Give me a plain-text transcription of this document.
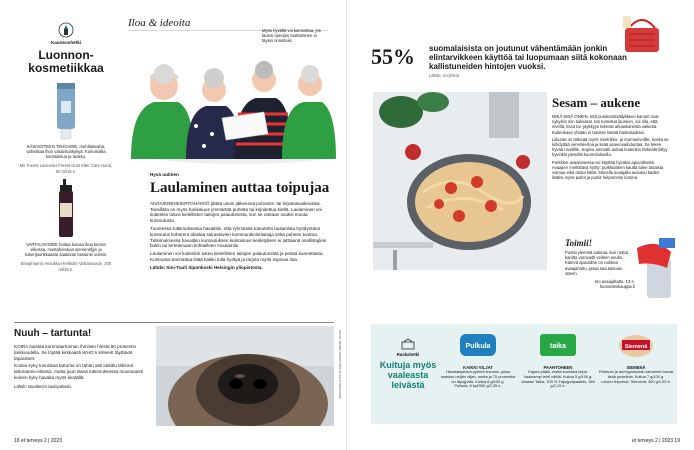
Iloa & ideoita
Kauneushetki
Luonnon-
kosmetiikkaa
KÄSIVOITEEN TEHOAINE, mehiläisvaha, vahvistaa ihon vastustuskykyä. Koirumallia koostuksua ja tuoksu.
Mir Forest Lavender Forest Dust After Care Hand, 50 ml/15 e.
VARTALOVOIDE hoitaa kuivaa ihoa kerran viikossa, mustaherukan siemenöljyn ja sokerijuurikkaasta saatavan betaiinin voimin.
Elosphaerra Herukka Herkkäin Vartalovoide, 200 ml/25 e.
Myös hyvällä voi kunnostua, jos laulun opnojen tuottaminen ei täysin onnistuisi.
Hyvä uutinen
Laulaminen auttaa toipujaa
AIVOVERENKIERTOHÄIRIÖ jättää usein jälkeensä puhumis- tai kirjoitusvaikeuksia. Tavallista on myös hankaluus ymmärtää puhetta tai kirjoitettua kieltä. Laulaminen voi kuitenkin tukea kielellisten taitojen palautumista, kun se otetaan osaksi muuta kuntoutusta.
Tuoreessa tutkimuksessa havaittiin, että ryhmässä toteutettu laulamista hyödyntävä kuntoutus koherent afaslaa sairastavien kommunikointitaitoja sekä puheen tuottoa. Tutkimuksessa havaittiin kuntoutuksen kuntoisuus keskitylisen ei latttaanä osallistajlein bukin tai tertelemaan kohtailleen muutamiin.
Laulaminen voi kuitenkin tukea kielellisten taitojen palautumista ja pelata kunnettasta. Kuntoutus kannattaa liitää kaikki tulla hyötyä ja tarjota myös sopivaa iloa.
Lähde: Sini-Tuuli Siponkoski Helsingin yliopistosta.
Nuuh – tartunta!
KOIRA haistaa koronatartunnan ihmisen hiestä 80 prosentin tarkkuudella. Se löytää kirkkaasti WHO:n kriteerit täyttävät tapaukset.
Koiran kyky tunnistaa tartunta on tähän asti tutkittu lähinnä laboratorio-oloissa, mutta juuri tässä tutkimuksessa muunsaasti koirien kyky havaita myös kentällä.
Lähde: Duodecim Uutispalvelu.	KUVAT: MIMMA LIIKKISTÖIN JA SHUTTERSTOCK
18 et terveys 2 | 2023
55% suomalaisista on joutunut vähentämään jonkin elintarvikkeen käyttöä tai luopumaan siitä kokonaan kallistuneiden hintojen vuoksi.
Lähde: S-ryhmä
Sesam – aukene
MIKÄ SINÄ ONKIN, että purakointisäilykkeen kannet ovat nykyisin niin tiukassa! Jos tunnistat lauseen, voi olla, että niveltä, kivut tai -jäykkyys tekevät arkiaskareista vaikeita. Kuitenkaan yhtään ei tarvitse sietää hankaluuksia.
Liikunta on tärkeää myös nivelrikko- ja reumanivelille, koska se kiihdyttää verenkiertoa ja lisää aineenvaihduntaa. Se tekee hyvää niveltille. Sopiva ammatti auttaa kuitenkin tärkeälä liittyy hyvinkin pienellä kuormituksella.
Purkkien avaamisessa voi käyttää hyväksi apuvälineitä. Avaajien merkittävä hyöty: purkkiotteen kautta tulee tasaista voimaa eikä rasita kättä. Monella avaajalla avautuu käden lisäksi myös pullot ja purkit helpommin kotona.
Toimii!
Purkki yleensä aukeaa, kun rostat kanitta varovasti veitsen avulla. Kätevä apuväline on nahkea avaajahattu, jossa saa tukevan otteen.
Iso avaajahattu, 13 e. huoneistokauppa.fi
Ruokahetki
Kuituja myös vaaleasta leivästä
Pulkula
KAIKKI VILJAT
Hauskanpitava pyöreä leivotus, jossa maistuu neljän viljan, mutta ja 75 prosenttia on täysjyvää. Kuitua 6 g/100 g.
Pulkula, 6 kpl/330 g/2,35 e.
taika
PAAHTOHEEN
Kapea päälli, mutta kuohkea leipä. Vaaleampi lehti välillä. Kuitua 5 g/100 g.
Vaasan Taika, 100 % Täysjyväpaahtis, 380 g/2,15 e.
Siemenä
SIEMENÄ
Pellavan ja auringonkukan siemenet tuovat lisää proteiinia. Kuitua 7 g/100 g.
Leivon leipomot, Siemenä, 300 g/1,90 e.
et terveys 2 | 2023 19
